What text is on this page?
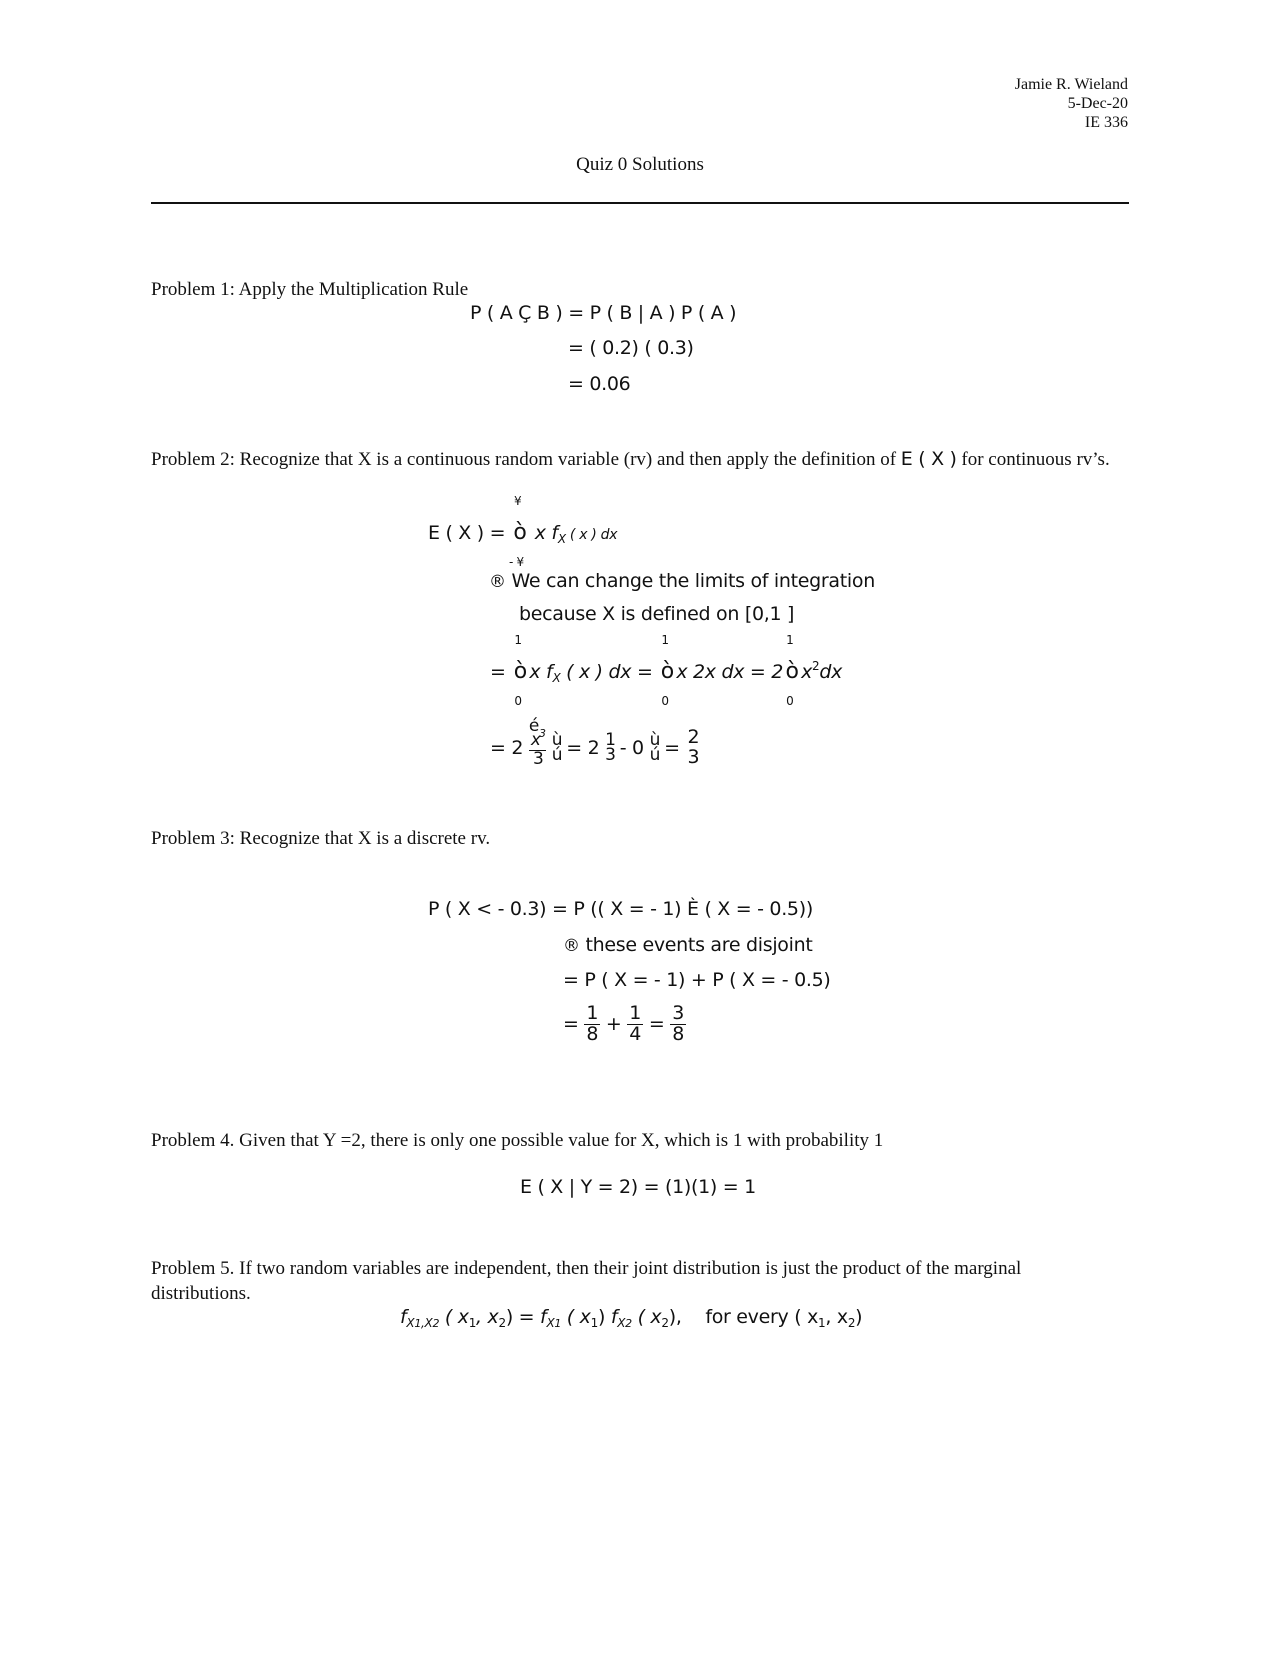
Jamie R. Wieland
5-Dec-20
IE 336
Quiz 0 Solutions
Problem 1: Apply the Multiplication Rule
P ( A Ç B ) = P ( B | A ) P ( A )
= ( 0.2) ( 0.3)
= 0.06
Problem 2: Recognize that X is a continuous random variable (rv) and then apply the definition of E ( X ) for continuous rv’s.
E ( X ) =
¥
ò
- ¥
x $f_X$ ( x ) dx
® We can change the limits of integration
because X is defined on [0,1 ]
=
1
ò
0
x $f_X$ ( x ) dx =
1
ò
0
x 2x dx = 2
1
ò
0
$x^2dx$
= 2
é
$x^3$
3

ù
ú = 2 1
3 - 0 ù
ú = 2
3
Problem 3: Recognize that X is a discrete rv.
P ( X < - 0.3) = P (( X = - 1) È ( X = - 0.5))
® these events are disjoint
= P ( X = - 1) + P ( X = - 0.5)
= $\frac{1}{8} + \frac{1}{4} = \frac{3}{8}$
Problem 4. Given that Y =2, there is only one possible value for X, which is 1 with probability 1
E ( X | Y = 2) = (1)(1) = 1
Problem 5. If two random variables are independent, then their joint distribution is just the product of the marginal distributions.
$f_{X1,X2}$ ( $x_1$, $x_2) = f_{X1}$ ( $x_1$) $f_{X2}$ ( $x_2$), for every ( $x_1$, $x_2$)
